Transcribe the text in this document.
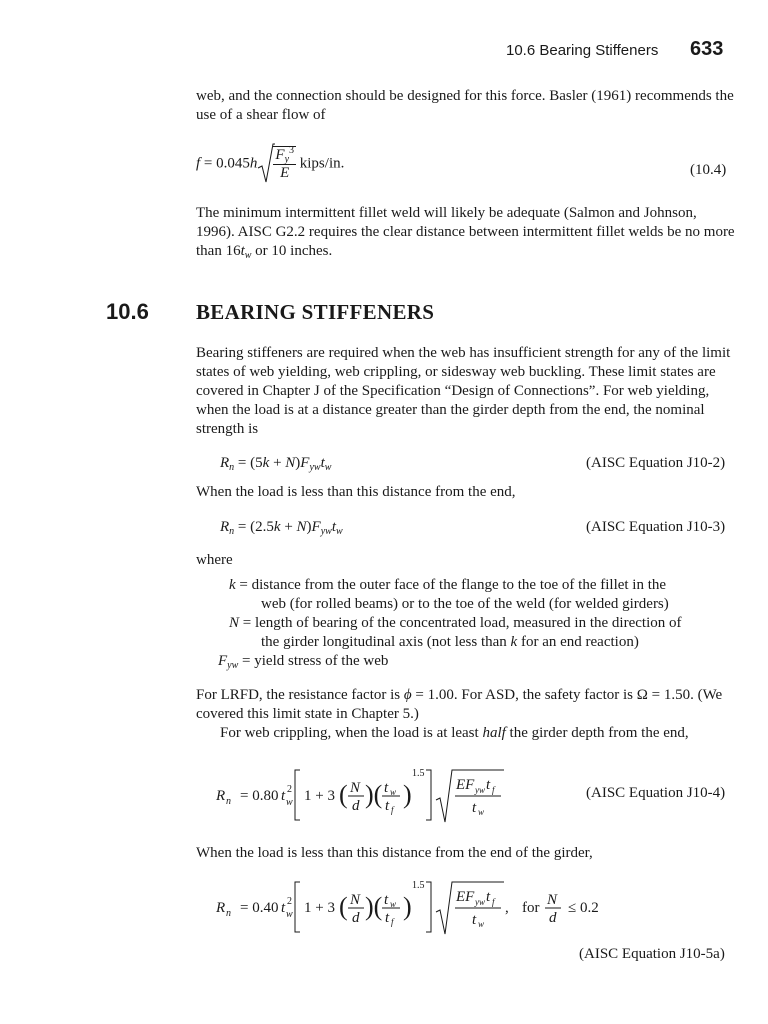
10.6 Bearing Stiffeners 633
web, and the connection should be designed for this force. Basler (1961) recommends the use of a shear flow of
$f = 0.045h \frac{F_y^3}{E}$ kips/in.	(10.4)
The minimum intermittent fillet weld will likely be adequate (Salmon and Johnson, 1996). AISC G2.2 requires the clear distance between intermittent fillet welds be no more than $16t_w$ or 10 inches.
10.6 BEARING STIFFENERS
Bearing stiffeners are required when the web has insufficient strength for any of the limit states of web yielding, web crippling, or sidesway web buckling. These limit states are covered in Chapter J of the Specification “Design of Connections”. For web yielding, when the load is at a distance greater than the girder depth from the end, the nominal strength is
$R_n = (5k + N)F_{yw}t_w$	(AISC Equation J10-2)
When the load is less than this distance from the end,
$R_n = (2.5k + N)F_{yw}t_w$	(AISC Equation J10-3)
where
k = distance from the outer face of the flange to the toe of the fillet in the
web (for rolled beams) or to the toe of the weld (for welded girders)
N = length of bearing of the concentrated load, measured in the direction of
the girder longitudinal axis (not less than k for an end reaction)
$F_{yw}$ = yield stress of the web
For LRFD, the resistance factor is ϕ = 1.00. For ASD, the safety factor is Ω = 1.50. (We covered this limit state in Chapter 5.)
For web crippling, when the load is at least half the girder depth from the end,
R n = 0.80 t 2
w 1 + 3 ( N
d )( t w
t f
)
1.5
EF yw t f
t w
(AISC Equation J10-4)
When the load is less than this distance from the end of the girder,
R n = 0.40 t 2
w 1 + 3 ( N
d )( t w
t f
)
1.5
EF yw t f
t w
, for N
d
≤ 0.2
(AISC Equation J10-5a)
